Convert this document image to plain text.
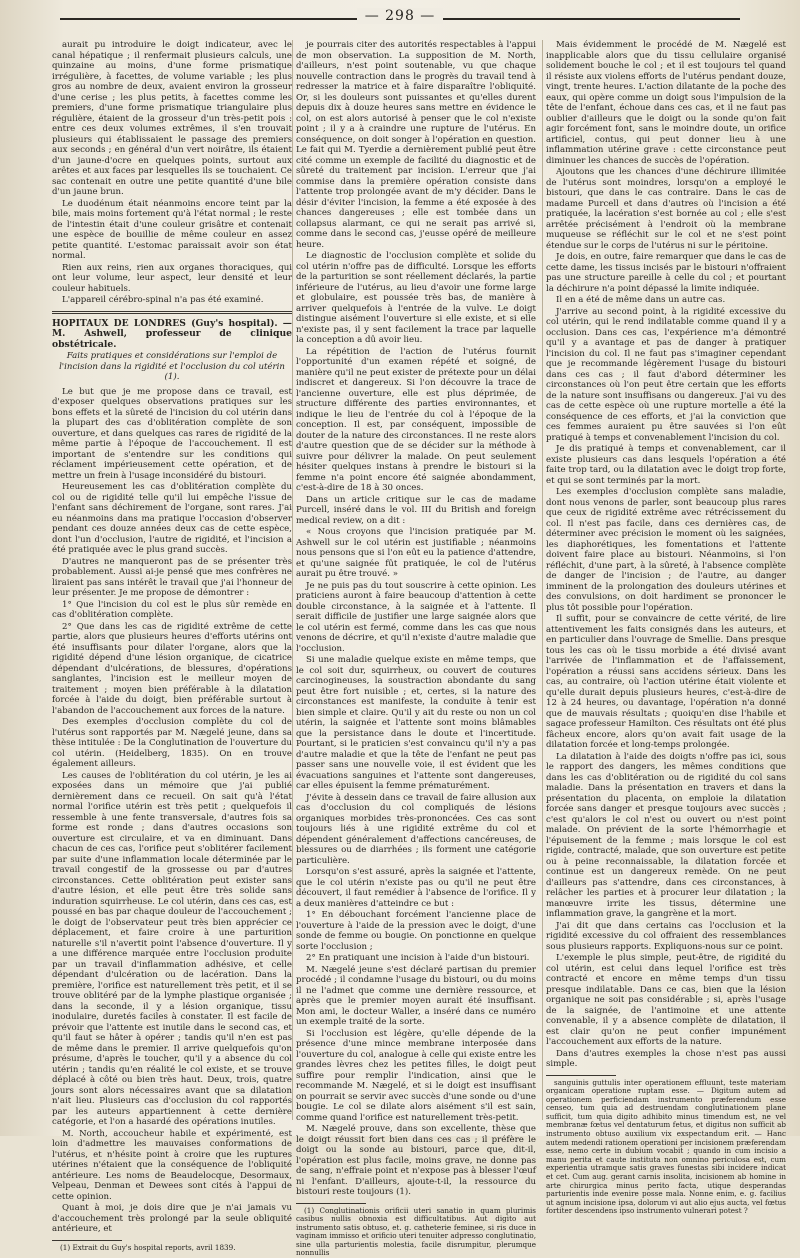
— 298 —

aurait pu introduire le doigt indicateur, avec le canal hépatique ; il renfermait plusieurs calculs, une quinzaine au moins, d'une forme prismatique irrégulière, à facettes, de volume variable ; les plus gros au nombre de deux, avaient environ la grosseur d'une cerise ; les plus petits, à facettes comme les premiers, d'une forme prismatique triangulaire plus régulière, étaient de la grosseur d'un très-petit pois : entre ces deux volumes extrêmes, il s'en trouvait plusieurs qui établissaient le passage des premiers aux seconds ; en général d'un vert noirâtre, ils étaient d'un jaune-d'ocre en quelques points, surtout aux arêtes et aux faces par lesquelles ils se touchaient. Ce sac contenait en outre une petite quantité d'une bile d'un jaune brun.

Le duodénum était néanmoins encore teint par la bile, mais moins fortement qu'à l'état normal ; le reste de l'intestin était d'une couleur grisâtre et contenait une espèce de bouillie de même couleur en assez petite quantité. L'estomac paraissait avoir son état normal.

Rien aux reins, rien aux organes thoraciques, qui ont leur volume, leur aspect, leur densité et leur couleur habituels.

L'appareil cérébro-spinal n'a pas été examiné.

HOPITAUX DE LONDRES (Guy's hospital). — M. Ashwell, professeur de clinique obstétricale.

Faits pratiques et considérations sur l'emploi de l'incision dans la rigidité et l'occlusion du col utérin (1).

Le but que je me propose dans ce travail, est d'exposer quelques observations pratiques sur les bons effets et la sûreté de l'incision du col utérin dans la plupart des cas d'oblitération complète de son ouverture, et dans quelques cas rares de rigidité de la même partie à l'époque de l'accouchement. Il est important de s'entendre sur les conditions qui réclament impérieusement cette opération, et de mettre un frein à l'usage inconsidéré du bistouri.

Heureusement les cas d'oblitération complète du col ou de rigidité telle qu'il lui empêche l'issue de l'enfant sans déchirement de l'organe, sont rares. J'ai eu néanmoins dans ma pratique l'occasion d'observer pendant ces douze années deux cas de cette espèce, dont l'un d'occlusion, l'autre de rigidité, et l'incision a été pratiquée avec le plus grand succès.

D'autres ne manqueront pas de se présenter très probablement. Aussi ai-je pensé que mes confrères ne liraient pas sans intérêt le travail que j'ai l'honneur de leur présenter. Je me propose de démontrer :

1° Que l'incision du col est le plus sûr remède en cas d'oblitération complète.

2° Que dans les cas de rigidité extrême de cette partie, alors que plusieurs heures d'efforts utérins ont été insuffisants pour dilater l'organe, alors que la rigidité dépend d'une lésion organique, de cicatrice dépendant d'ulcérations, de blessures, d'opérations sanglantes, l'incision est le meilleur moyen de traitement ; moyen bien préférable à la dilatation forcée à l'aide du doigt, bien préférable surtout à l'abandon de l'accouchement aux forces de la nature.

Des exemples d'occlusion complète du col de l'utérus sont rapportés par M. Nægelé jeune, dans sa thèse intitulée : De la Conglutination de l'ouverture du col utérin. (Heidelberg, 1835). On en trouve également ailleurs.

Les causes de l'oblitération du col utérin, je les ai exposées dans un mémoire que j'ai publié dernièrement dans ce recueil. On sait qu'à l'état normal l'orifice utérin est très petit ; quelquefois il ressemble à une fente transversale, d'autres fois sa forme est ronde ; dans d'autres occasions son ouverture est circulaire, et va en diminuant. Dans chacun de ces cas, l'orifice peut s'oblitérer facilement par suite d'une inflammation locale déterminée par le travail congestif de la grossesse ou par d'autres circonstances. Cette oblitération peut exister sans d'autre lésion, et elle peut être très solide sans induration squirrheuse. Le col utérin, dans ces cas, est poussé en bas par chaque douleur de l'accouchement ; le doigt de l'observateur peut très bien apprécier ce déplacement, et faire croire à une parturition naturelle s'il n'avertit point l'absence d'ouverture. Il y a une différence marquée entre l'occlusion produite par un travail d'inflammation adhésive, et celle dépendant d'ulcération ou de lacération. Dans la première, l'orifice est naturellement très petit, et il se trouve oblitéré par de la lymphe plastique organisée ; dans la seconde, il y a lésion organique, tissu inodulaire, duretés faciles à constater. Il est facile de prévoir que l'attente est inutile dans le second cas, et qu'il faut se hâter à opérer ; tandis qu'il n'en est pas de même dans le premier. Il arrive quelquefois qu'on présume, d'après le toucher, qu'il y a absence du col utérin ; tandis qu'en réalité le col existe, et se trouve déplacé à côté ou bien très haut. Deux, trois, quatre jours sont alors nécessaires avant que sa dilatation n'ait lieu. Plusieurs cas d'occlusion du col rapportés par les auteurs appartiennent à cette dernière catégorie, et l'on a hasardé des opérations inutiles.

M. North, accoucheur habile et expérimenté, est loin d'admettre les mauvaises conformations de l'utérus, et n'hésite point à croire que les ruptures utérines n'étaient que la conséquence de l'obliquité antérieure. Les noms de Beaudelocque, Desormaux, Velpeau, Denman et Dewees sont cités à l'appui de cette opinion.

Quant à moi, je dois dire que je n'ai jamais vu d'accouchement très prolongé par la seule obliquité antérieure, et

(1) Extrait du Guy's hospital reports, avril 1839.

je pourrais citer des autorités respectables à l'appui de mon observation. La supposition de M. North, d'ailleurs, n'est point soutenable, vu que chaque nouvelle contraction dans le progrès du travail tend à redresser la matrice et à faire disparaître l'obliquité. Or, si les douleurs sont puissantes et qu'elles durent depuis dix à douze heures sans mettre en évidence le col, on est alors autorisé à penser que le col n'existe point ; il y a à craindre une rupture de l'utérus. En conséquence, on doit songer à l'opération en question. Le fait qui M. Tyerdie a dernièrement publié peut être cité comme un exemple de facilité du diagnostic et de sûreté du traitement par incision. L'erreur que j'ai commise dans la première opération consiste dans l'attente trop prolongée avant de m'y décider. Dans le désir d'éviter l'incision, la femme a été exposée à des chances dangereuses ; elle est tombée dans un collapsus alarmant, ce qui ne serait pas arrivé si, comme dans le second cas, j'eusse opéré de meilleure heure.

Le diagnostic de l'occlusion complète et solide du col utérin n'offre pas de difficulté. Lorsque les efforts de la parturition se sont réellement déclarés, la partie inférieure de l'utérus, au lieu d'avoir une forme large et globulaire, est poussée très bas, de manière à arriver quelquefois à l'entrée de la vulve. Le doigt distingue aisément l'ouverture si elle existe, et si elle n'existe pas, il y sent facilement la trace par laquelle la conception a dû avoir lieu.

La répétition de l'action de l'utérus fournit l'opportunité d'un examen répété et soigné, de manière qu'il ne peut exister de prétexte pour un délai indiscret et dangereux. Si l'on découvre la trace de l'ancienne ouverture, elle est plus déprimée, de structure différente des parties environnantes, et indique le lieu de l'entrée du col à l'époque de la conception. Il est, par conséquent, impossible de douter de la nature des circonstances. Il ne reste alors d'autre question que de se décider sur la méthode à suivre pour délivrer la malade. On peut seulement hésiter quelques instans à prendre le bistouri si la femme n'a point encore été saignée abondamment, c'est-à-dire de 18 à 30 onces.

Dans un article critique sur le cas de madame Purcell, inséré dans le vol. III du British and foreign medical review, on a dit :

« Nous croyons que l'incision pratiquée par M. Ashwell sur le col utérin est justifiable ; néanmoins nous pensons que si l'on eût eu la patience d'attendre, et qu'une saignée fût pratiquée, le col de l'utérus aurait pu être trouvé. »

Je ne puis pas du tout souscrire à cette opinion. Les praticiens auront à faire beaucoup d'attention à cette double circonstance, à la saignée et à l'attente. Il serait difficile de justifier une large saignée alors que le col utérin est fermé, comme dans les cas que nous venons de décrire, et qu'il n'existe d'autre maladie que l'occlusion.

Si une maladie quelque existe en même temps, que le col soit dur, squirrheux, ou couvert de coutures carcinogineuses, la soustraction abondante du sang peut être fort nuisible ; et, certes, si la nature des circonstances est manifeste, la conduite à tenir est bien simple et claire. Qu'il y ait du reste ou non un col utérin, la saignée et l'attente sont moins blâmables que la persistance dans le doute et l'incertitude. Pourtant, si le praticien s'est convaincu qu'il n'y a pas d'autre maladie et que la tête de l'enfant ne peut pas passer sans une nouvelle voie, il est évident que les évacuations sanguines et l'attente sont dangereuses, car elles épuisent la femme prématurément.

J'évite à dessein dans ce travail de faire allusion aux cas d'occlusion du col compliqués de lésions organiques morbides très-prononcées. Ces cas sont toujours liés à une rigidité extrême du col et dépendent généralement d'affections cancéreuses, de blessures ou de diarrhées ; ils forment une catégorie particulière.

Lorsqu'on s'est assuré, après la saignée et l'attente, que le col utérin n'existe pas ou qu'il ne peut être découvert, il faut remédier à l'absence de l'orifice. Il y a deux manières d'atteindre ce but :

1° En débouchant forcément l'ancienne place de l'ouverture à l'aide de la pression avec le doigt, d'une sonde de femme ou bougie. On ponctionne en quelque sorte l'occlusion ;

2° En pratiquant une incision à l'aide d'un bistouri.

M. Nægelé jeune s'est déclaré partisan du premier procédé ; il condamne l'usage du bistouri, ou du moins il ne l'admet que comme une dernière ressource, et après que le premier moyen aurait été insuffisant. Mon ami, le docteur Waller, a inséré dans ce numéro un exemple traité de la sorte.

Si l'occlusion est légère, qu'elle dépende de la présence d'une mince membrane interposée dans l'ouverture du col, analogue à celle qui existe entre les grandes lèvres chez les petites filles, le doigt peut suffire pour remplir l'indication, ainsi que le recommande M. Nægelé, et si le doigt est insuffisant on pourrait se servir avec succès d'une sonde ou d'une bougie. Le col se dilate alors aisément s'il est sain, comme quand l'orifice est naturellement très-petit.

M. Nægelé prouve, dans son excellente, thèse que le doigt réussit fort bien dans ces cas ; il préfère le doigt ou la sonde au bistouri, parce que, dit-il, l'opération est plus facile, moins grave, ne donne pas de sang, n'effraie point et n'expose pas à blesser l'œuf ni l'enfant. D'ailleurs, ajoute-t-il, la ressource du bistouri reste toujours (1).

(1) Conglutinationis orificii uteri sanatio in quam plurimis casibus nullis obnoxia est difficultatibus. Aut digito aut instrumento satis obtuso, et. g. catheterie feminee, si ris duce in vaginam immisso et orificio uteri tenuiter adpresso conglutinatio, sine ulla parturientis molestia, facile disrumpitur, plerumque nonnullis

Mais évidemment le procédé de M. Nægelé est inapplicable alors que du tissu cellulaire organisé solidement bouche le col ; et il est toujours tel quand il résiste aux violens efforts de l'utérus pendant douze, vingt, trente heures. L'action dilatante de la poche des eaux, qui opère comme un doigt sous l'impulsion de la tête de l'enfant, échoue dans ces cas, et il ne faut pas oublier d'ailleurs que le doigt ou la sonde qu'on fait agir forcément font, sans le moindre doute, un orifice artificiel, contus, qui peut donner lieu à une inflammation utérine grave : cette circonstance peut diminuer les chances de succès de l'opération.

Ajoutons que les chances d'une déchirure illimitée de l'utérus sont moindres, lorsqu'on a employé le bistouri, que dans le cas contraire. Dans le cas de madame Purcell et dans d'autres où l'incision a été pratiquée, la lacération s'est bornée au col ; elle s'est arrêtée précisément à l'endroit où la membrane muqueuse se réfléchit sur le col et ne s'est point étendue sur le corps de l'utérus ni sur le péritoine.

Je dois, en outre, faire remarquer que dans le cas de cette dame, les tissus incisés par le bistouri n'offraient pas une structure pareille à celle du col ; et pourtant la déchirure n'a point dépassé la limite indiquée.

Il en a été de même dans un autre cas.

J'arrive au second point, à la rigidité excessive du col utérin, qui le rend indilatable comme quand il y a occlusion. Dans ces cas, l'expérience m'a démontré qu'il y a avantage et pas de danger à pratiquer l'incision du col. Il ne faut pas s'imaginer cependant que je recommande légèrement l'usage du bistouri dans ces cas ; il faut d'abord déterminer les circonstances où l'on peut être certain que les efforts de la nature sont insuffisans ou dangereux. J'ai vu des cas de cette espèce où une rupture mortelle a été la conséquence de ces efforts, et j'ai la conviction que ces femmes auraient pu être sauvées si l'on eût pratiqué à temps et convenablement l'incision du col.

Je dis pratiqué à temps et convenablement, car il existe plusieurs cas dans lesquels l'opération a été faite trop tard, ou la dilatation avec le doigt trop forte, et qui se sont terminés par la mort.

Les exemples d'occlusion complète sans maladie, dont nous venons de parler, sont beaucoup plus rares que ceux de rigidité extrême avec rétrécissement du col. Il n'est pas facile, dans ces dernières cas, de déterminer avec précision le moment où les saignées, les diaphorétiques, les fomentations et l'attente doivent faire place au bistouri. Néanmoins, si l'on réfléchit, d'une part, à la sûreté, à l'absence complète de danger de l'incision ; de l'autre, au danger imminent de la prolongation des douleurs utérines et des convulsions, on doit hardiment se prononcer le plus tôt possible pour l'opération.

Il suffit, pour se convaincre de cette vérité, de lire attentivement les faits consignés dans les auteurs, et en particulier dans l'ouvrage de Smellie. Dans presque tous les cas où le tissu morbide a été divisé avant l'arrivée de l'inflammation et de l'affaissement, l'opération a réussi sans accidens sérieux. Dans les cas, au contraire, où l'action utérine était violente et qu'elle durait depuis plusieurs heures, c'est-à-dire de 12 à 24 heures, ou davantage, l'opération n'a donné que de mauvais résultats ; quoiqu'en dise l'habile et sagace professeur Hamilton. Ces résultats ont été plus fâcheux encore, alors qu'on avait fait usage de la dilatation forcée et long-temps prolongée.

La dilatation à l'aide des doigts n'offre pas ici, sous le rapport des dangers, les mêmes conditions que dans les cas d'oblitération ou de rigidité du col sans maladie. Dans la présentation en travers et dans la présentation du placenta, on emploie la dilatation forcée sans danger et presque toujours avec succès ; c'est qu'alors le col n'est ou ouvert ou n'est point malade. On prévient de la sorte l'hémorrhagie et l'épuisement de la femme ; mais lorsque le col est rigide, contracté, malade, que son ouverture est petite ou à peine reconnaissable, la dilatation forcée et continue est un dangereux remède. On ne peut d'ailleurs pas s'attendre, dans ces circonstances, à relâcher les parties et à procurer leur dilatation ; la manœuvre irrite les tissus, détermine une inflammation grave, la gangrène et la mort.

J'ai dit que dans certains cas l'occlusion et la rigidité excessive du col offraient des ressemblances sous plusieurs rapports. Expliquons-nous sur ce point.

L'exemple le plus simple, peut-être, de rigidité du col utérin, est celui dans lequel l'orifice est très contracté et encore en même temps d'un tissu presque indilatable. Dans ce cas, bien que la lésion organique ne soit pas considérable ; si, après l'usage de la saignée, de l'antimoine et une attente convenable, il y a absence complète de dilatation, il est clair qu'on ne peut confier impunément l'accouchement aux efforts de la nature.

Dans d'autres exemples la chose n'est pas aussi simple.

sanguinis guttulis inter operationem effluunt, teste materiam organicam operatione ruptam esse. — Digitum autem ad operationem perficiendam instrumento præferendum esse censeo, tum quia ad destruendam conglutinationem plane sufficit, tum quia digito adhibito minus timendum est, ne vel membranæ fœtus vel dentaturum fetus, et digitus non sufficit ab instrumento obtuso auxilium vix exspectandum erit. — Hanc autem medendi rationem operationi per incisionem præferendam esse, nemo certe in dubium vocabit ; quando in cum incisio a manu perita et caute instituta non omnino periculosa est, cum experientia utramque satis graves funestas sibi incidere indicat et cet. Cum aug. gerant carnis insolita, incisionem ab homine in arte chirurgica minus perito facta, utique desperandas parturientis inde evenire posse mala. Nonne enim, e. g. facilius ut agnum incisione ipsa, dolorum vi aut alio ejus aucta, vel fœtus fortiter descendens ipso instrumento vulnerari potest ?
